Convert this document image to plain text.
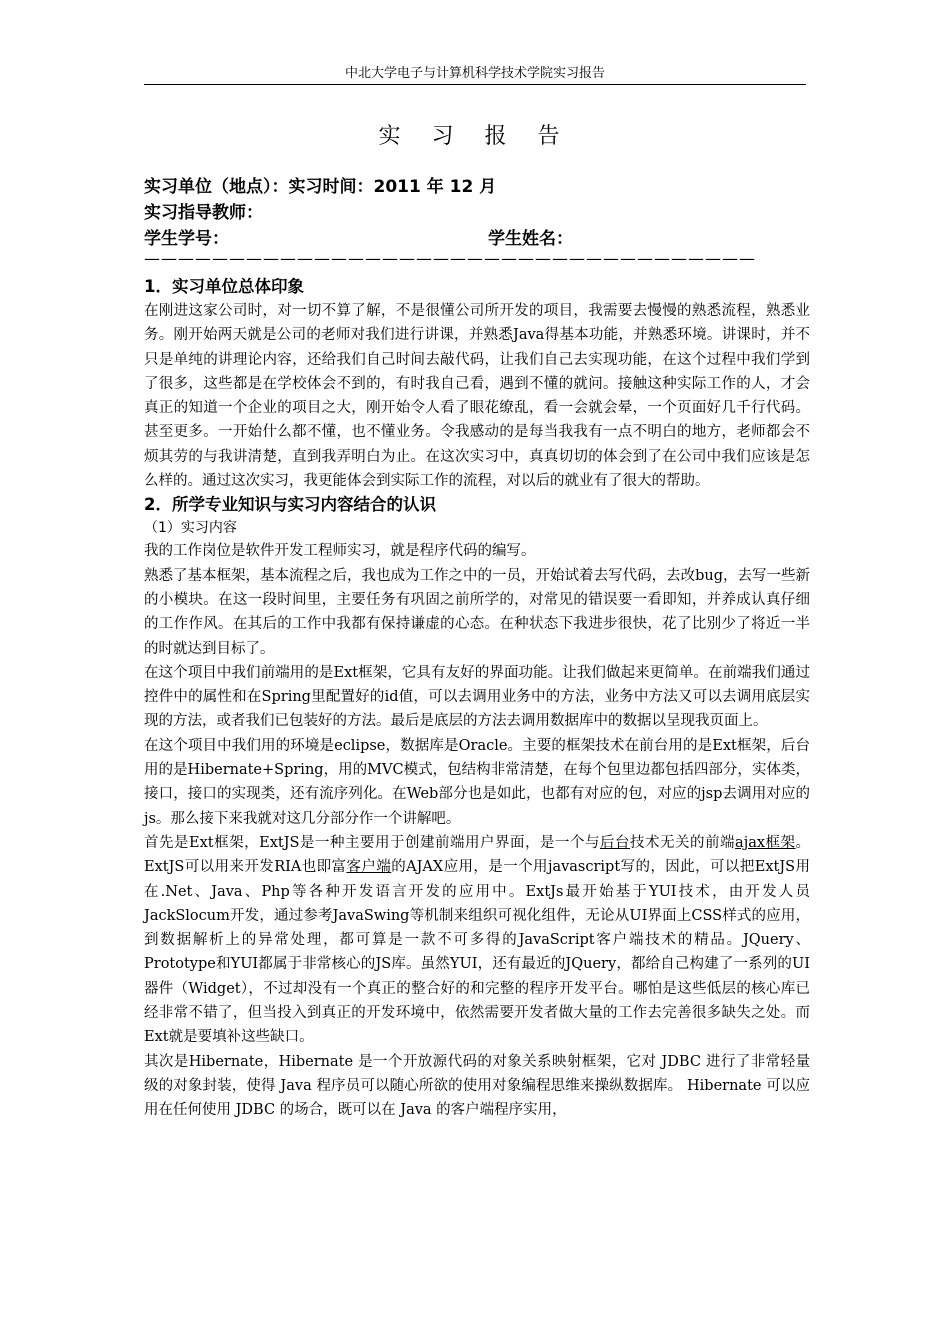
中北大学电子与计算机科学技术学院实习报告
实 习 报 告
实习单位（地点）：实习时间：2011 年 12 月
实习指导教师：
学生学号：	学生姓名：
————————————————————————————————————

1．实习单位总体印象

在刚进这家公司时，对一切不算了解，不是很懂公司所开发的项目，我需要去慢慢的熟悉流程，熟悉业务。刚开始两天就是公司的老师对我们进行讲课，并熟悉Java得基本功能，并熟悉环境。讲课时，并不只是单纯的讲理论内容，还给我们自己时间去敲代码，让我们自己去实现功能，在这个过程中我们学到了很多，这些都是在学校体会不到的，有时我自己看，遇到不懂的就问。接触这种实际工作的人，才会真正的知道一个企业的项目之大，刚开始令人看了眼花缭乱，看一会就会晕，一个页面好几千行代码。甚至更多。一开始什么都不懂，也不懂业务。令我感动的是每当我我有一点不明白的地方，老师都会不烦其劳的与我讲清楚，直到我弄明白为止。在这次实习中，真真切切的体会到了在公司中我们应该是怎么样的。通过这次实习，我更能体会到实际工作的流程，对以后的就业有了很大的帮助。

2．所学专业知识与实习内容结合的认识

（1）实习内容

我的工作岗位是软件开发工程师实习，就是程序代码的编写。

熟悉了基本框架，基本流程之后，我也成为工作之中的一员，开始试着去写代码，去改bug，去写一些新的小模块。在这一段时间里，主要任务有巩固之前所学的，对常见的错误要一看即知，并养成认真仔细的工作作风。在其后的工作中我都有保持谦虚的心态。在种状态下我进步很快，花了比别少了将近一半的时就达到目标了。

在这个项目中我们前端用的是Ext框架，它具有友好的界面功能。让我们做起来更简单。在前端我们通过控件中的属性和在Spring里配置好的id值，可以去调用业务中的方法，业务中方法又可以去调用底层实现的方法，或者我们已包装好的方法。最后是底层的方法去调用数据库中的数据以呈现我页面上。

在这个项目中我们用的环境是eclipse，数据库是Oracle。主要的框架技术在前台用的是Ext框架，后台用的是Hibernate+Spring，用的MVC模式，包结构非常清楚，在每个包里边都包括四部分，实体类，接口，接口的实现类，还有流序列化。在Web部分也是如此，也都有对应的包，对应的jsp去调用对应的js。那么接下来我就对这几分部分作一个讲解吧。

首先是Ext框架，ExtJS是一种主要用于创建前端用户界面，是一个与后台技术无关的前端ajax框架。ExtJS可以用来开发RIA也即富客户端的AJAX应用，是一个用javascript写的，因此，可以把ExtJS用在.Net、Java、Php等各种开发语言开发的应用中。ExtJs最开始基于YUI技术，由开发人员JackSlocum开发，通过参考JavaSwing等机制来组织可视化组件，无论从UI界面上CSS样式的应用，到数据解析上的异常处理，都可算是一款不可多得的JavaScript客户端技术的精品。JQuery、 Prototype和YUI都属于非常核心的JS库。虽然YUI，还有最近的JQuery，都给自己构建了一系列的UI器件（Widget），不过却没有一个真正的整合好的和完整的程序开发平台。哪怕是这些低层的核心库已经非常不错了，但当投入到真正的开发环境中，依然需要开发者做大量的工作去完善很多缺失之处。而Ext就是要填补这些缺口。

其次是Hibernate，Hibernate 是一个开放源代码的对象关系映射框架，它对 JDBC 进行了非常轻量级的对象封装，使得 Java 程序员可以随心所欲的使用对象编程思维来操纵数据库。 Hibernate 可以应用在任何使用 JDBC 的场合，既可以在 Java 的客户端程序实用，
